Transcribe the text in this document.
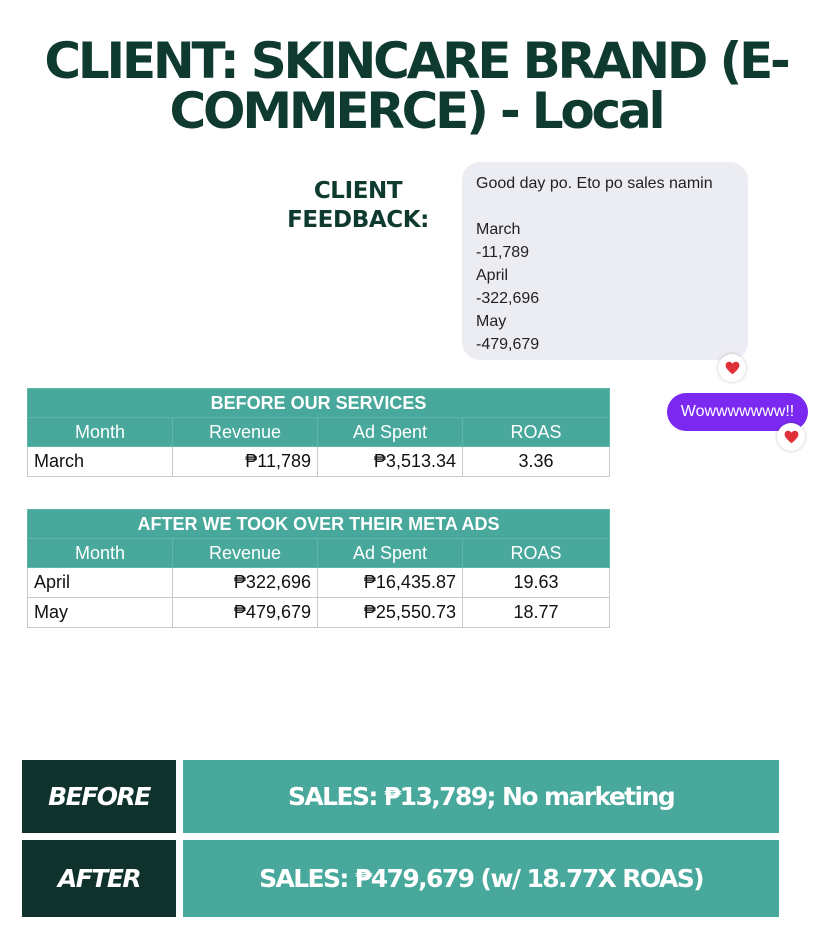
CLIENT: SKINCARE BRAND (E-
COMMERCE) - Local
CLIENT
FEEDBACK:
Good day po. Eto po sales namin
March
-11,789
April
-322,696
May
-479,679
Wowwwwwww!!
BEFORE OUR SERVICES			
Month	Revenue	Ad Spent	ROAS
March	₱11,789	₱3,513.34	3.36
AFTER WE TOOK OVER THEIR META ADS			
Month	Revenue	Ad Spent	ROAS
April	₱322,696	₱16,435.87	19.63
May	₱479,679	₱25,550.73	18.77
BEFORE	SALES: ₱13,789; No marketing
AFTER	SALES: ₱479,679 (w/ 18.77X ROAS)
